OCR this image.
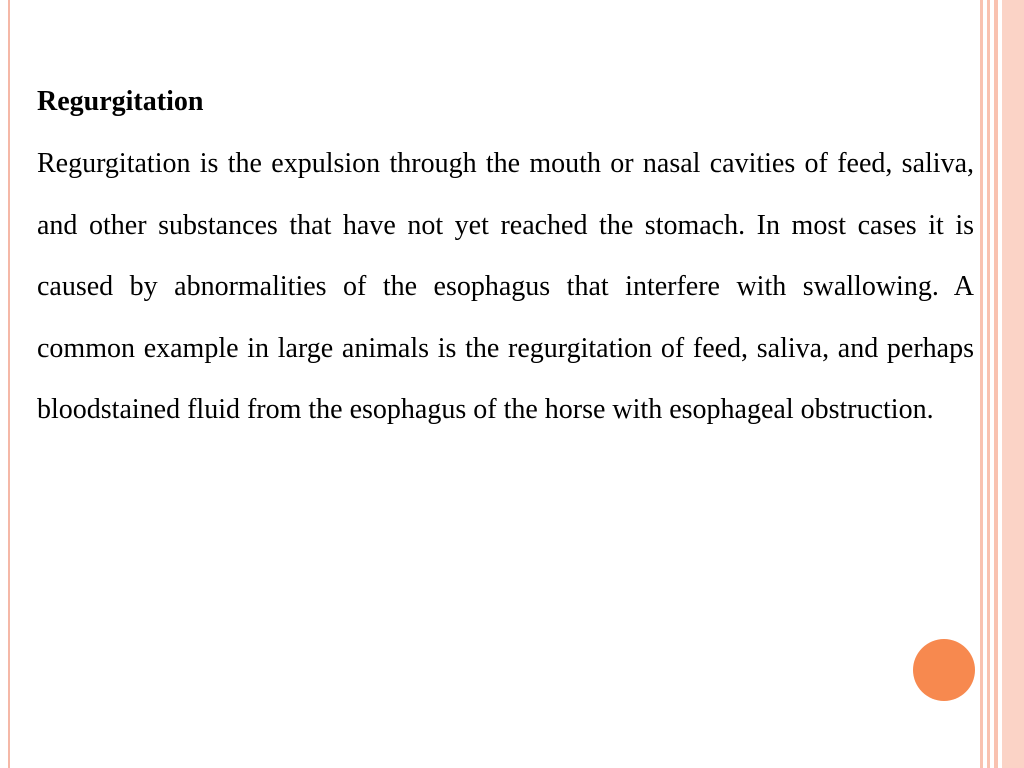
Regurgitation

Regurgitation is the expulsion through the mouth or nasal cavities of feed, saliva, and other substances that have not yet reached the stomach. In most cases it is caused by abnormalities of the esophagus that interfere with swallowing. A common example in large animals is the regurgitation of feed, saliva, and perhaps bloodstained fluid from the esophagus of the horse with esophageal obstruction.
